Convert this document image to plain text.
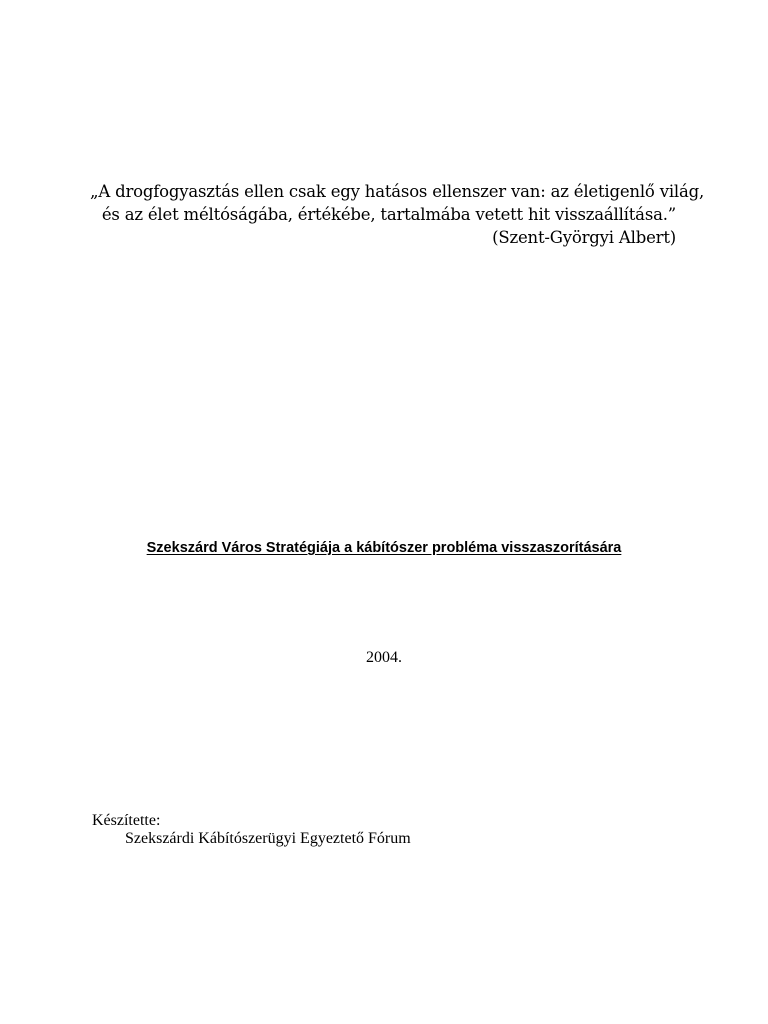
„A drogfogyasztás ellen csak egy hatásos ellenszer van: az életigenlő világ,
és az élet méltóságába, értékébe, tartalmába vetett hit visszaállítása.”
(Szent-Györgyi Albert)
Szekszárd Város Stratégiája a kábítószer probléma visszaszorítására
2004.
Készítette:
Szekszárdi Kábítószerügyi Egyeztető Fórum
